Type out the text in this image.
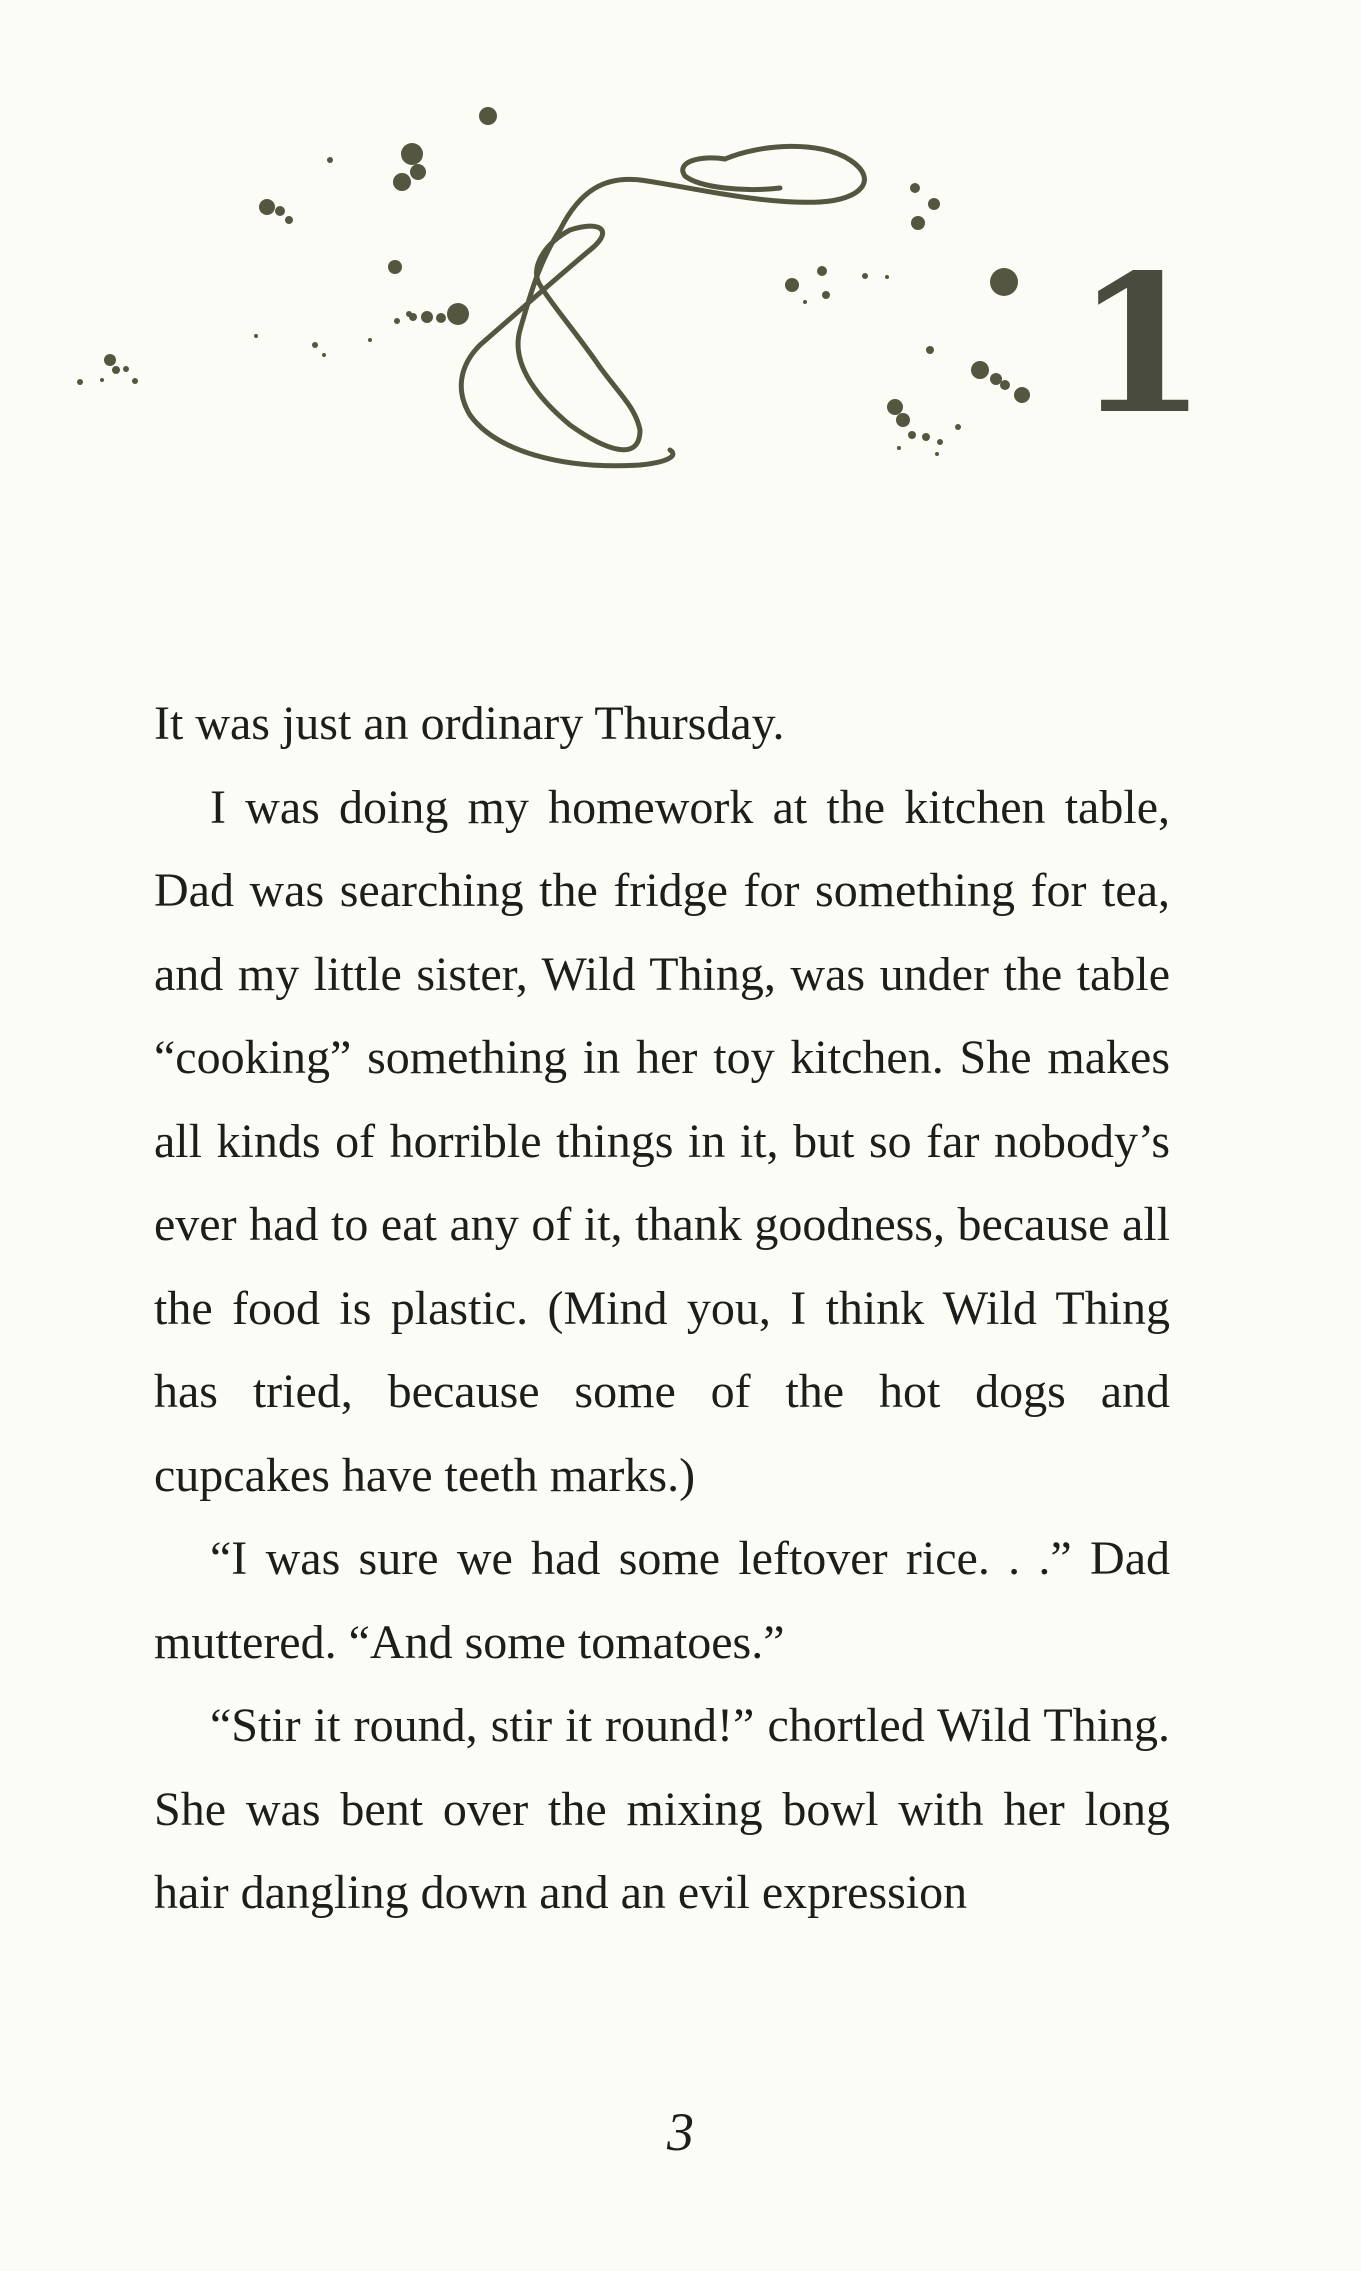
1

It was just an ordinary Thursday.

I was doing my homework at the kitchen table, Dad was searching the fridge for something for tea, and my little sister, Wild Thing, was under the table “cooking” something in her toy kitchen. She makes all kinds of horrible things in it, but so far nobody’s ever had to eat any of it, thank goodness, because all the food is plastic. (Mind you, I think Wild Thing has tried, because some of the hot dogs and cupcakes have teeth marks.)

“I was sure we had some leftover rice. . .” Dad muttered. “And some tomatoes.”

“Stir it round, stir it round!” chortled Wild Thing. She was bent over the mixing bowl with her long hair dangling down and an evil expression

3
